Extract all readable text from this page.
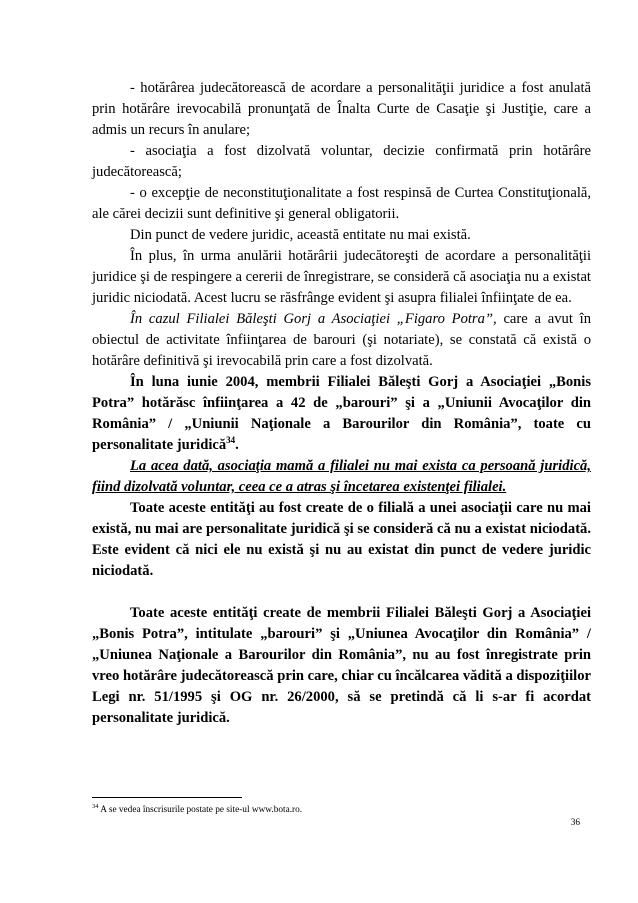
- hotărârea judecătorească de acordare a personalităţii juridice a fost anulată prin hotărâre irevocabilă pronunţată de Înalta Curte de Casaţie şi Justiţie, care a admis un recurs în anulare;

- asociaţia a fost dizolvată voluntar, decizie confirmată prin hotărâre judecătorească;

- o excepţie de neconstituţionalitate a fost respinsă de Curtea Constituţională, ale cărei decizii sunt definitive şi general obligatorii.

Din punct de vedere juridic, această entitate nu mai există.

În plus, în urma anulării hotărârii judecătoreşti de acordare a personalităţii juridice şi de respingere a cererii de înregistrare, se consideră că asociaţia nu a existat juridic niciodată. Acest lucru se răsfrânge evident şi asupra filialei înfiinţate de ea.

În cazul Filialei Băleşti Gorj a Asociaţiei „Figaro Potra”, care a avut în obiectul de activitate înfiinţarea de barouri (şi notariate), se constată că există o hotărâre definitivă şi irevocabilă prin care a fost dizolvată.

În luna iunie 2004, membrii Filialei Băleşti Gorj a Asociaţiei „Bonis Potra” hotărăsc înfiinţarea a 42 de „barouri” şi a „Uniunii Avocaţilor din România” / „Uniunii Naţionale a Barourilor din România”, toate cu personalitate juridică$^{34}$.

La acea dată, asociaţia mamă a filialei nu mai exista ca persoană juridică, fiind dizolvată voluntar, ceea ce a atras şi încetarea existenţei filialei.

Toate aceste entităţi au fost create de o filială a unei asociaţii care nu mai există, nu mai are personalitate juridică şi se consideră că nu a existat niciodată. Este evident că nici ele nu există şi nu au existat din punct de vedere juridic niciodată.

Toate aceste entităţi create de membrii Filialei Băleşti Gorj a Asociaţiei „Bonis Potra”, intitulate „barouri” şi „Uniunea Avocaţilor din România” / „Uniunea Naţionale a Barourilor din România”, nu au fost înregistrate prin vreo hotărâre judecătorească prin care, chiar cu încălcarea vădită a dispoziţiilor Legi nr. 51/1995 şi OG nr. 26/2000, să se pretindă că li s-ar fi acordat personalitate juridică.

$^{34}$ A se vedea înscrisurile postate pe site-ul www.bota.ro.
36
